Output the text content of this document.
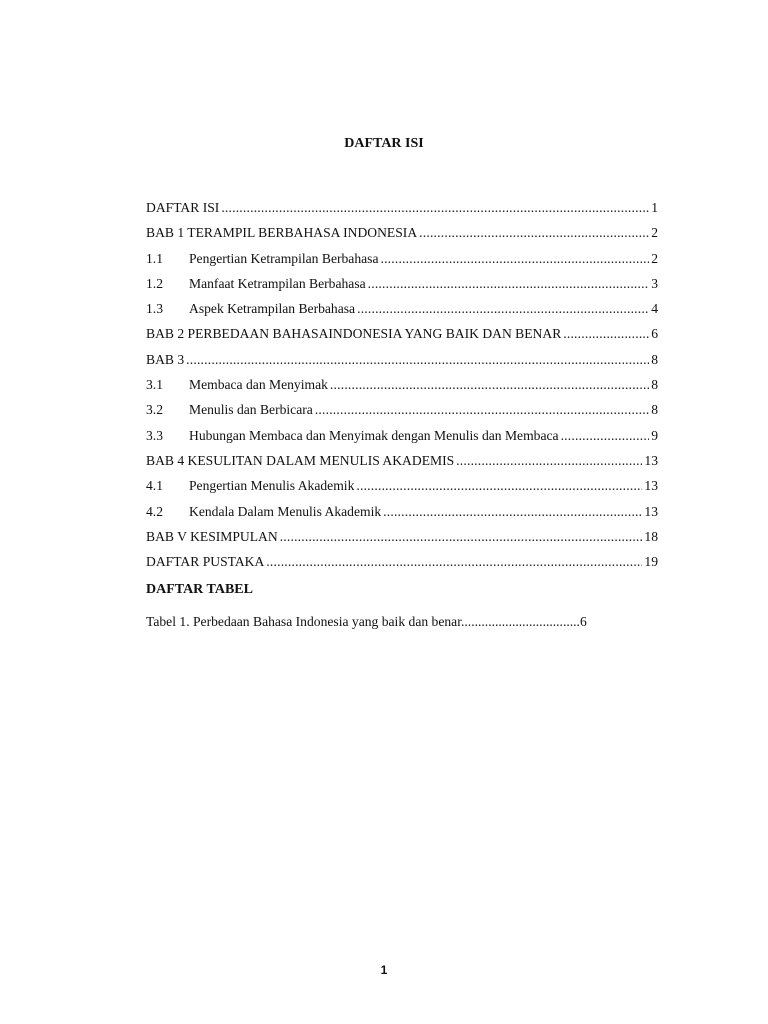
DAFTAR ISI
DAFTAR ISI .....	1
BAB 1 TERAMPIL BERBAHASA INDONESIA .....	2
1.1	Pengertian Ketrampilan Berbahasa .....	2
1.2	Manfaat Ketrampilan Berbahasa .....	3
1.3	Aspek Ketrampilan Berbahasa .....	4
BAB 2 PERBEDAAN BAHASAINDONESIA YANG BAIK DAN BENAR .....	6
BAB 3 .....	8
3.1	Membaca dan Menyimak .....	8
3.2	Menulis dan Berbicara .....	8
3.3	Hubungan Membaca dan Menyimak dengan Menulis dan Membaca .....	9
BAB 4 KESULITAN DALAM MENULIS AKADEMIS .....	13
4.1	Pengertian Menulis Akademik .....	13
4.2	Kendala Dalam Menulis Akademik .....	13
BAB V KESIMPULAN .....	18
DAFTAR PUSTAKA .....	19
DAFTAR TABEL
Tabel 1. Perbedaan Bahasa Indonesia yang baik dan benar...................................6
1
